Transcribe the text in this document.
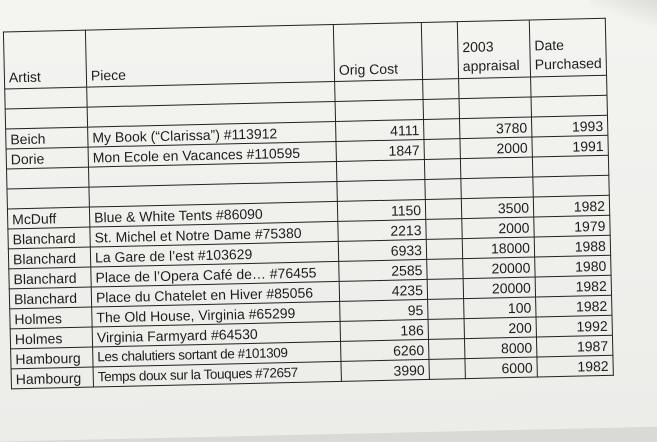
Artist	Piece	Orig Cost		2003 appraisal	Date Purchased

Beich	My Book (“Clarissa”) #113912	4111		3780	1993
Dorie	Mon Ecole en Vacances #110595	1847		2000	1991

McDuff	Blue & White Tents #86090	1150		3500	1982
Blanchard	St. Michel et Notre Dame #75380	2213		2000	1979
Blanchard	La Gare de l’est #103629	6933		18000	1988
Blanchard	Place de l’Opera Café de… #76455	2585		20000	1980
Blanchard	Place du Chatelet en Hiver #85056	4235		20000	1982
Holmes	The Old House, Virginia #65299	95		100	1982
Holmes	Virginia Farmyard #64530	186		200	1992
Hambourg	Les chalutiers sortant de #101309	6260		8000	1987
Hambourg	Temps doux sur la Touques #72657	3990		6000	1982
